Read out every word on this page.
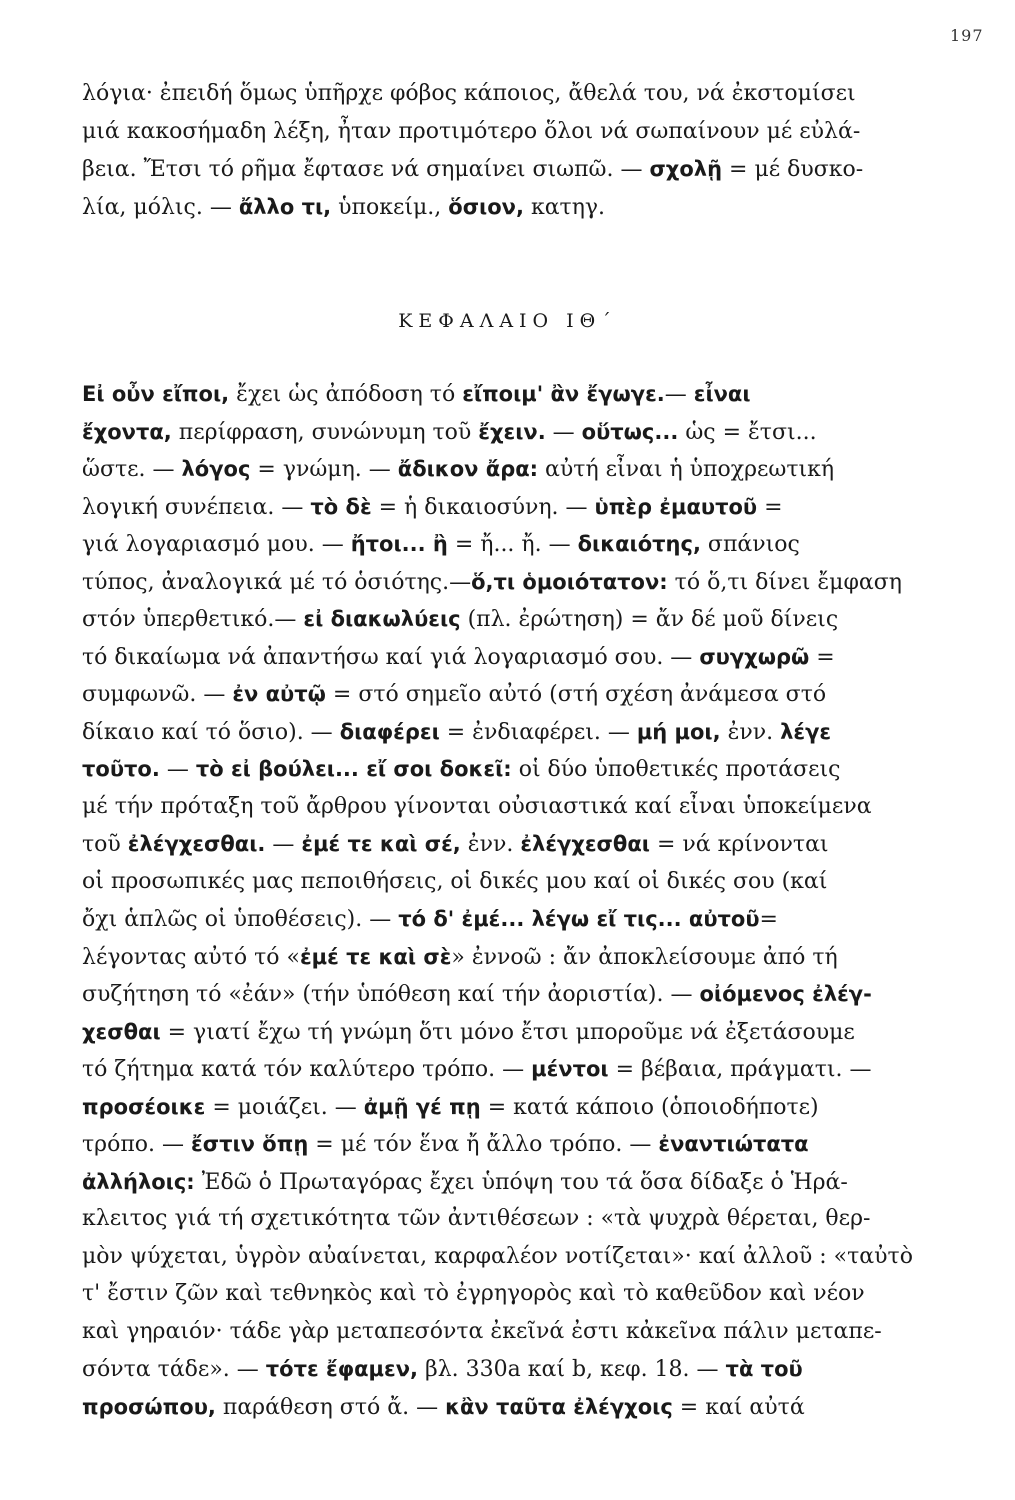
197
λόγια· ἐπειδή ὅμως ὑπῆρχε φόβος κάποιος, ἄθελά του, νά ἐκστομίσει
μιά κακοσήμαδη λέξη, ἦταν προτιμότερο ὅλοι νά σωπαίνουν μέ εὐλά-
βεια. Ἔτσι τό ρῆμα ἔφτασε νά σημαίνει σιωπῶ. — σχολῇ = μέ δυσκο-
λία, μόλις. — ἄλλο τι, ὑποκείμ., ὅσιον, κατηγ.
ΚΕΦΑΛΑΙΟ ΙΘ΄
Εἰ οὖν εἴποι, ἔχει ὡς ἀπόδοση τό εἴποιμ' ἂν ἔγωγε.— εἶναι
ἔχοντα, περίφραση, συνώνυμη τοῦ ἔχειν. — οὕτως... ὡς = ἔτσι...
ὥστε. — λόγος = γνώμη. — ἄδικον ἄρα: αὐτή εἶναι ἡ ὑποχρεωτική
λογική συνέπεια. — τὸ δὲ = ἡ δικαιοσύνη. — ὑπὲρ ἐμαυτοῦ =
γιά λογαριασμό μου. — ἤτοι... ἢ = ἤ... ἤ. — δικαιότης, σπάνιος
τύπος, ἀναλογικά μέ τό ὁσιότης.—ὅ,τι ὁμοιότατον: τό ὅ,τι δίνει ἔμφαση
στόν ὑπερθετικό.— εἰ διακωλύεις (πλ. ἐρώτηση) = ἄν δέ μοῦ δίνεις
τό δικαίωμα νά ἀπαντήσω καί γιά λογαριασμό σου. — συγχωρῶ =
συμφωνῶ. — ἐν αὐτῷ = στό σημεῖο αὐτό (στή σχέση ἀνάμεσα στό
δίκαιο καί τό ὅσιο). — διαφέρει = ἐνδιαφέρει. — μή μοι, ἐνν. λέγε
τοῦτο. — τὸ εἰ βούλει... εἴ σοι δοκεῖ: οἱ δύο ὑποθετικές προτάσεις
μέ τήν πρόταξη τοῦ ἄρθρου γίνονται οὐσιαστικά καί εἶναι ὑποκείμενα
τοῦ ἐλέγχεσθαι. — ἐμέ τε καὶ σέ, ἐνν. ἐλέγχεσθαι = νά κρίνονται
οἱ προσωπικές μας πεποιθήσεις, οἱ δικές μου καί οἱ δικές σου (καί
ὄχι ἁπλῶς οἱ ὑποθέσεις). — τό δ' ἐμέ... λέγω εἴ τις... αὐτοῦ=
λέγοντας αὐτό τό «ἐμέ τε καὶ σὲ» ἐννοῶ : ἄν ἀποκλείσουμε ἀπό τή
συζήτηση τό «ἐάν» (τήν ὑπόθεση καί τήν ἀοριστία). — οἰόμενος ἐλέγ-
χεσθαι = γιατί ἔχω τή γνώμη ὅτι μόνο ἔτσι μποροῦμε νά ἐξετάσουμε
τό ζήτημα κατά τόν καλύτερο τρόπο. — μέντοι = βέβαια, πράγματι. —
προσέοικε = μοιάζει. — ἀμῇ γέ πῃ = κατά κάποιο (ὁποιοδήποτε)
τρόπο. — ἔστιν ὅπῃ = μέ τόν ἕνα ἤ ἄλλο τρόπο. — ἐναντιώτατα
ἀλλήλοις: Ἐδῶ ὁ Πρωταγόρας ἔχει ὑπόψη του τά ὅσα δίδαξε ὁ Ἡρά-
κλειτος γιά τή σχετικότητα τῶν ἀντιθέσεων : «τὰ ψυχρὰ θέρεται, θερ-
μὸν ψύχεται, ὑγρὸν αὐαίνεται, καρφαλέον νοτίζεται»· καί ἀλλοῦ : «ταὐτὸ
τ' ἔστιν ζῶν καὶ τεθνηκὸς καὶ τὸ ἐγρηγορὸς καὶ τὸ καθεῦδον καὶ νέον
καὶ γηραιόν· τάδε γὰρ μεταπεσόντα ἐκεῖνά ἐστι κἀκεῖνα πάλιν μεταπε-
σόντα τάδε». — τότε ἔφαμεν, βλ. 330a καί b, κεφ. 18. — τὰ τοῦ
προσώπου, παράθεση στό ἄ. — κἂν ταῦτα ἐλέγχοις = καί αὐτά
